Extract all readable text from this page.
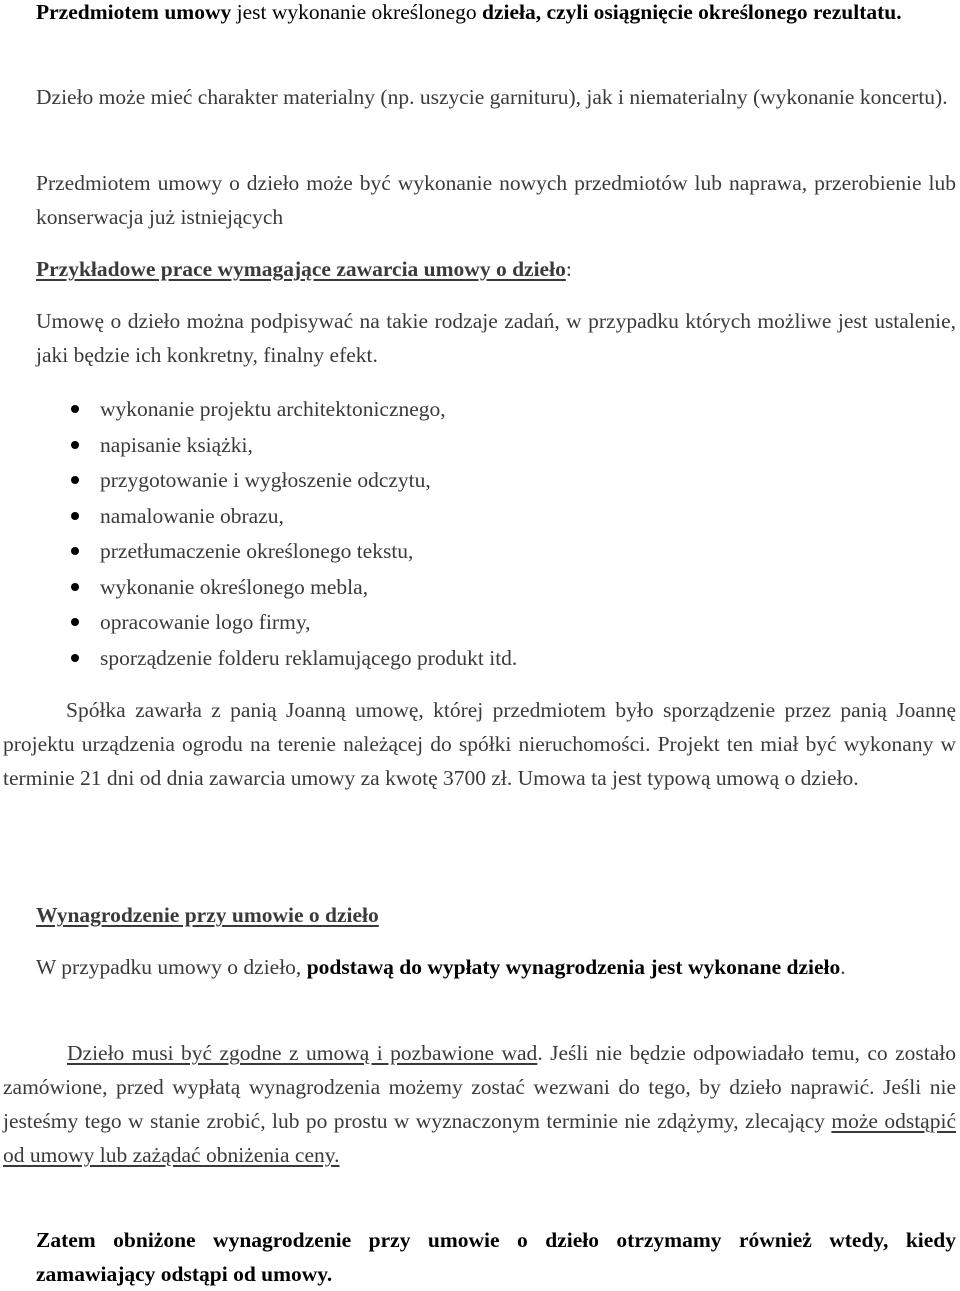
Przedmiotem umowy jest wykonanie określonego dzieła, czyli osiągnięcie określonego rezultatu.

Dzieło może mieć charakter materialny (np. uszycie garnituru), jak i niematerialny (wykonanie koncertu).

Przedmiotem umowy o dzieło może być wykonanie nowych przedmiotów lub naprawa, przerobienie lub konserwacja już istniejących

Przykładowe prace wymagające zawarcia umowy o dzieło:

Umowę o dzieło można podpisywać na takie rodzaje zadań, w przypadku których możliwe jest ustalenie, jaki będzie ich konkretny, finalny efekt.

wykonanie projektu architektonicznego,
napisanie książki,
przygotowanie i wygłoszenie odczytu,
namalowanie obrazu,
przetłumaczenie określonego tekstu,
wykonanie określonego mebla,
opracowanie logo firmy,
sporządzenie folderu reklamującego produkt itd.

Spółka zawarła z panią Joanną umowę, której przedmiotem było sporządzenie przez panią Joannę projektu urządzenia ogrodu na terenie należącej do spółki nieruchomości. Projekt ten miał być wykonany w terminie 21 dni od dnia zawarcia umowy za kwotę 3700 zł. Umowa ta jest typową umową o dzieło.

Wynagrodzenie przy umowie o dzieło

W przypadku umowy o dzieło, podstawą do wypłaty wynagrodzenia jest wykonane dzieło.

Dzieło musi być zgodne z umową i pozbawione wad. Jeśli nie będzie odpowiadało temu, co zostało zamówione, przed wypłatą wynagrodzenia możemy zostać wezwani do tego, by dzieło naprawić. Jeśli nie jesteśmy tego w stanie zrobić, lub po prostu w wyznaczonym terminie nie zdążymy, zlecający może odstąpić od umowy lub zażądać obniżenia ceny.

Zatem obniżone wynagrodzenie przy umowie o dzieło otrzymamy również wtedy, kiedy zamawiający odstąpi od umowy.
